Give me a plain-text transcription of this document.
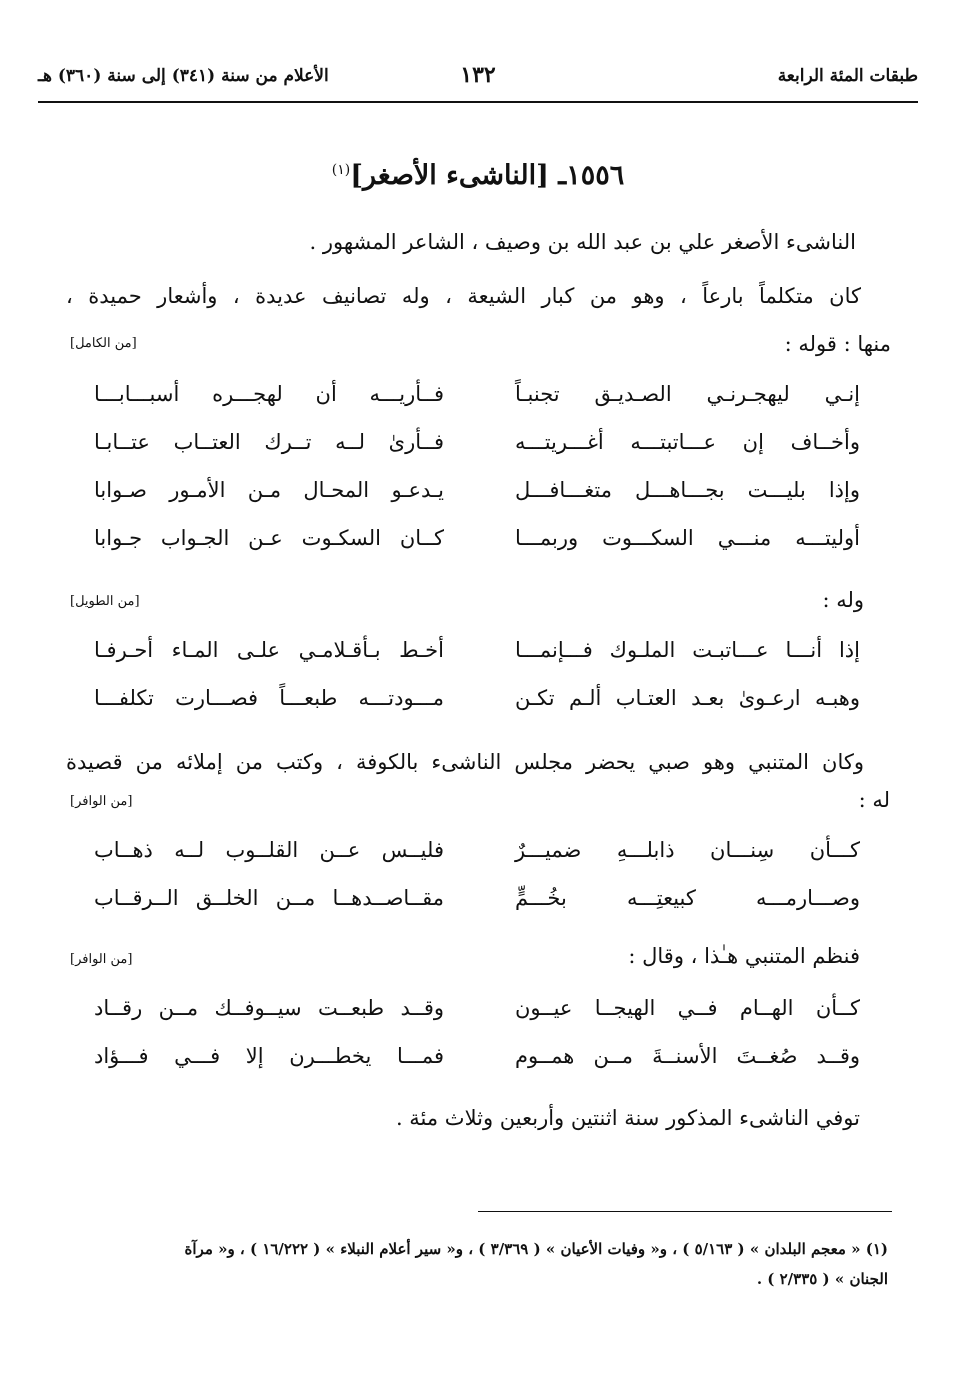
طبقات المئة الرابعة
١٣٢
الأعلام من سنة (٣٤١) إلى سنة (٣٦٠) هـ
١٥٥٦ـ [الناشىء الأصغر]$^{(١)}$
الناشىء الأصغر علي بن عبد الله بن وصيف ، الشاعر المشهور .
كان متكلماً بارعاً ، وهو من كبار الشيعة ، وله تصانيف عديدة ، وأشعار حميدة ،
منها : قوله :
[من الكامل]
إنـي ليهجـرنـي الصـديـق تجنبـاً
فــأريـــه أن لهجـــره أسبـــابـــا
وأخــاف إن عـــاتبتـــه أغـــريتـــه
فــأرىٰ لــه تــرك العتــاب عتــابـا
وإذا بليـــت بجـــاهـــل متغـــافـــل
يـدعـو المحـال مـن الأمـور صـوابا
أوليتـــه منـــي السكـــوت وربمـــا
كــان السكـوت عـن الجـواب جـوابا
وله :
[من الطويل]
إذا أنـــا عـــاتبـت الملـوك فـــإنمـــا
أخـط بـأقـلامـي علـى المـاء أحـرفـا
وهبـه ارعـوىٰ بعـد العتـاب ألـم تكـن
مـــودتـــه طبعـــاً فصـــارت تكلفـــا
وكان المتنبي وهو صبي يحضر مجلس الناشىء بالكوفة ، وكتب من إملائه من قصيدة
له :
[من الوافر]
كـــأن سِنـــان ذابلـــهِ ضميـــرٌ
فليــس عــن القلــوب لــه ذهــاب
وصـــارمـــه كبيعتِـــه بخُـــمٍّ
مقــاصــدهــا مــن الخلــق الــرقــاب
فنظم المتنبي هـٰذا ، وقال :
[من الوافر]
كــأن الهــام فــي الهيجــا عيــون
وقــد طبعــت سيــوفــك مــن رقــاد
وقــد صُغــتَ الأسنــةَ مــن همــوم
فمـــا يخطـــرن إلا فـــي فـــؤاد
توفي الناشىء المذكور سنة اثنتين وأربعين وثلاث مئة .
(١) « معجم البلدان » ( ٥/١٦٣ ) ، و« وفيات الأعيان » ( ٣/٣٦٩ ) ، و« سير أعلام النبلاء » ( ١٦/٢٢٢ ) ، و« مرآة
الجنان » ( ٢/٣٣٥ ) .
